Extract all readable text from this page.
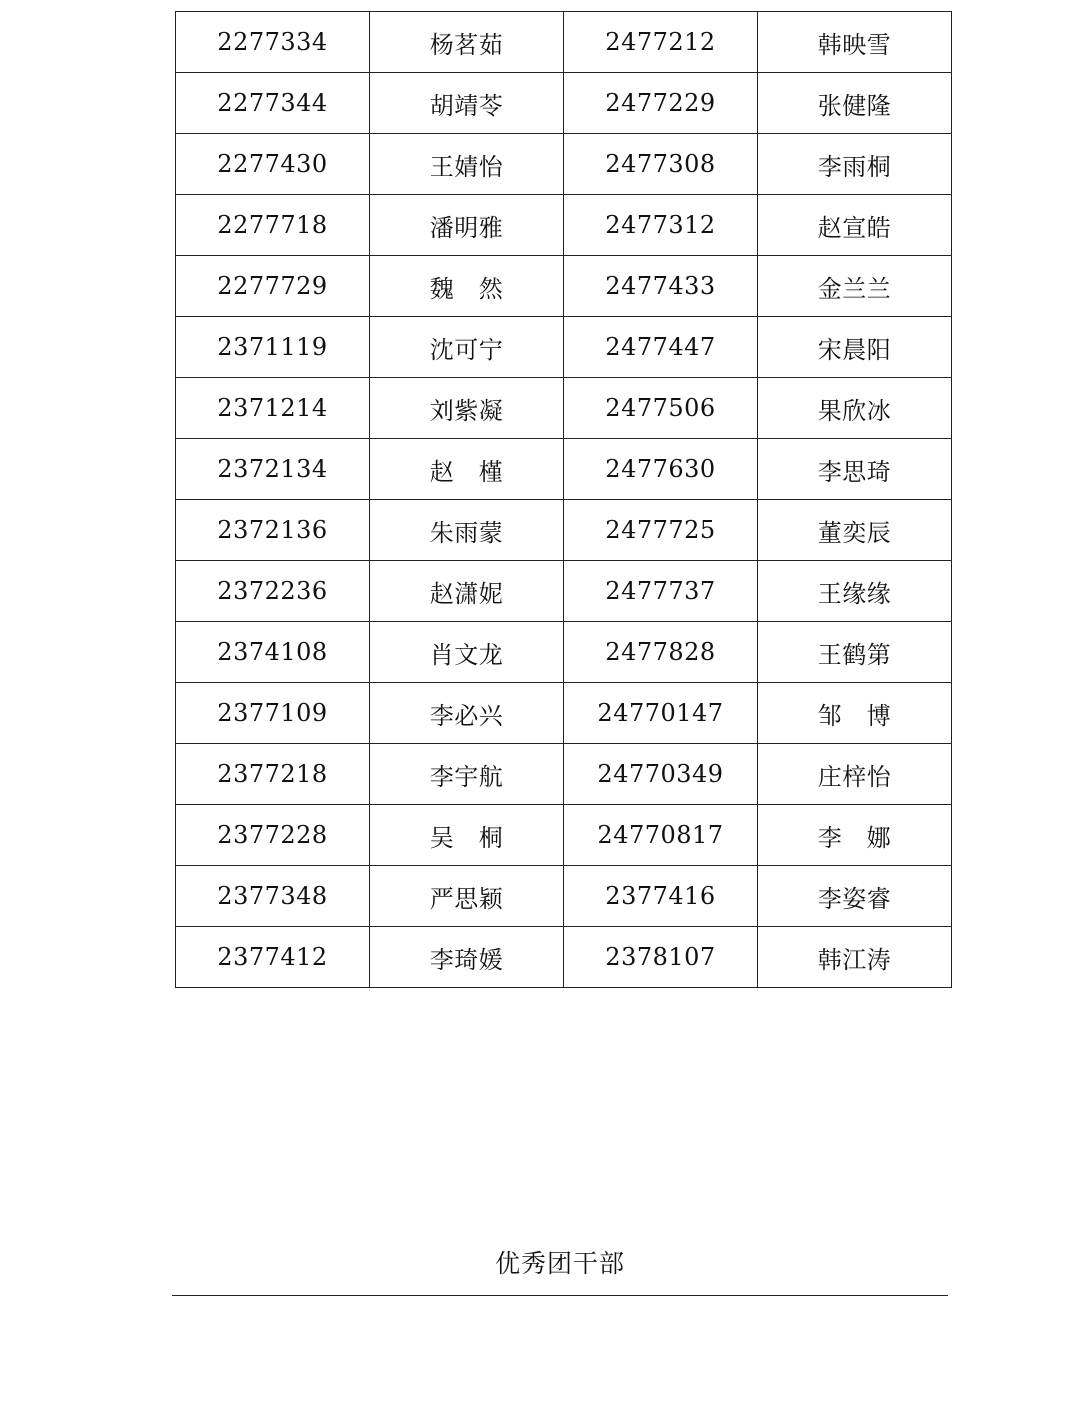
2277334	杨茗茹	2477212	韩映雪
2277344	胡靖苓	2477229	张健隆
2277430	王婧怡	2477308	李雨桐
2277718	潘明雅	2477312	赵宣皓
2277729	魏　然	2477433	金兰兰
2371119	沈可宁	2477447	宋晨阳
2371214	刘紫凝	2477506	果欣冰
2372134	赵　槿	2477630	李思琦
2372136	朱雨蒙	2477725	董奕辰
2372236	赵潇妮	2477737	王缘缘
2374108	肖文龙	2477828	王鹤第
2377109	李必兴	24770147	邹　博
2377218	李宇航	24770349	庄梓怡
2377228	吴　桐	24770817	李　娜
2377348	严思颖	2377416	李姿睿
2377412	李琦媛	2378107	韩江涛
优秀团干部
